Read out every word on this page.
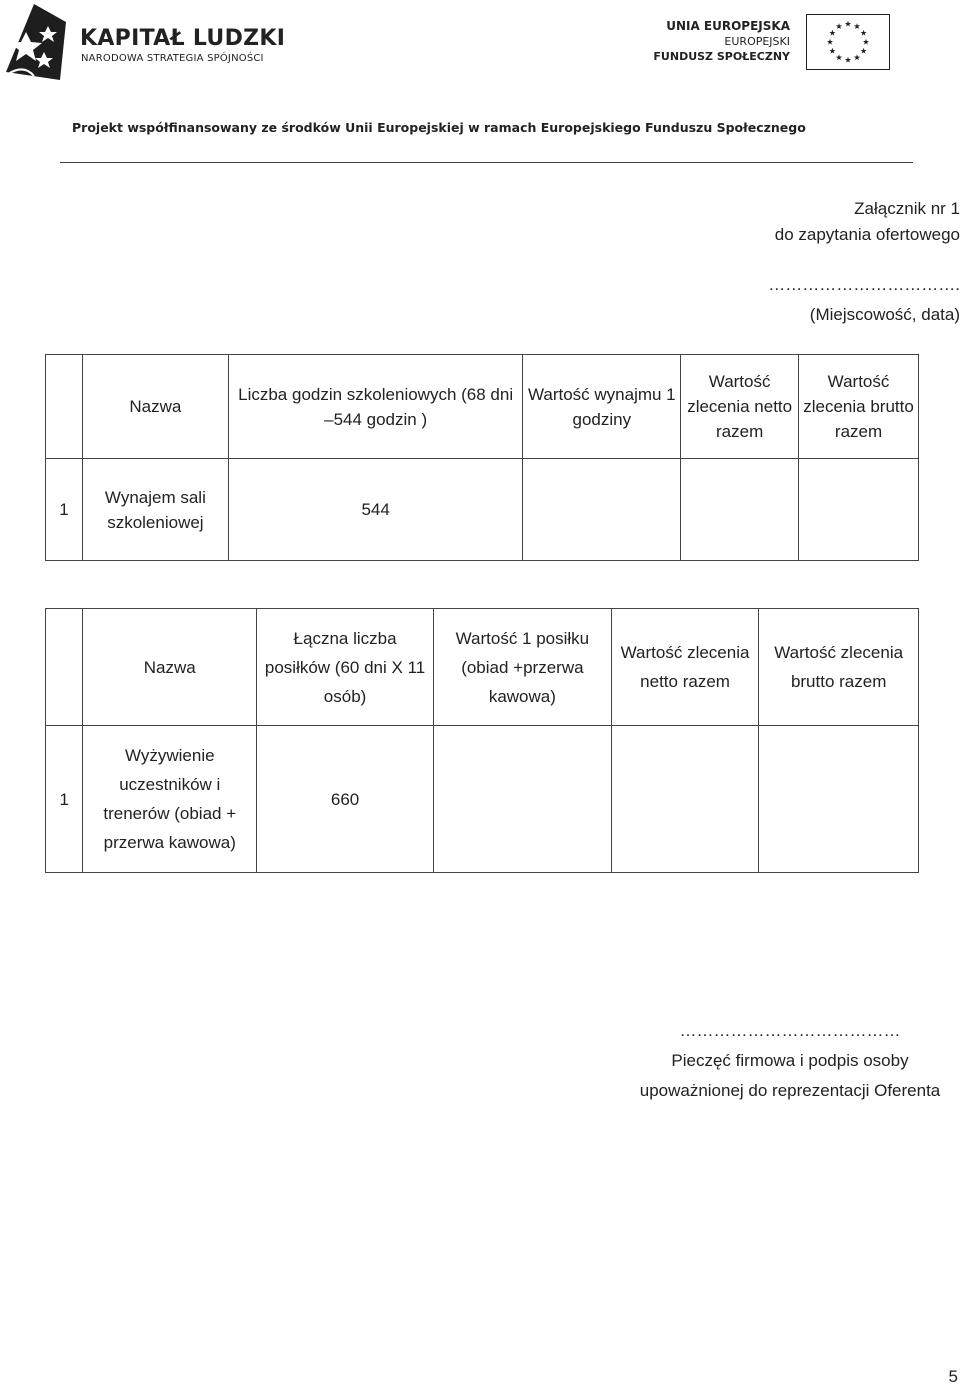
KAPITAŁ LUDZKI
NARODOWA STRATEGIA SPÓJNOŚCI
UNIA EUROPEJSKA
EUROPEJSKI
FUNDUSZ SPOŁECZNY
Projekt współfinansowany ze środków Unii Europejskiej w ramach Europejskiego Funduszu Społecznego
Załącznik nr 1
do zapytania ofertowego
…………………………….
(Miejscowość, data)
	Nazwa	Liczba godzin szkoleniowych (68 dni –544 godzin )	Wartość wynajmu 1 godziny	Wartość zlecenia netto razem	Wartość zlecenia brutto razem
1	Wynajem sali szkoleniowej	544			
	Nazwa	Łączna liczba posiłków (60 dni X 11 osób)	Wartość 1 posiłku (obiad +przerwa kawowa)	Wartość zlecenia netto razem	Wartość zlecenia brutto razem
1	Wyżywienie uczestników i trenerów (obiad + przerwa kawowa)	660			
…………………………………
Pieczęć firmowa i podpis osoby
upoważnionej do reprezentacji Oferenta
5
